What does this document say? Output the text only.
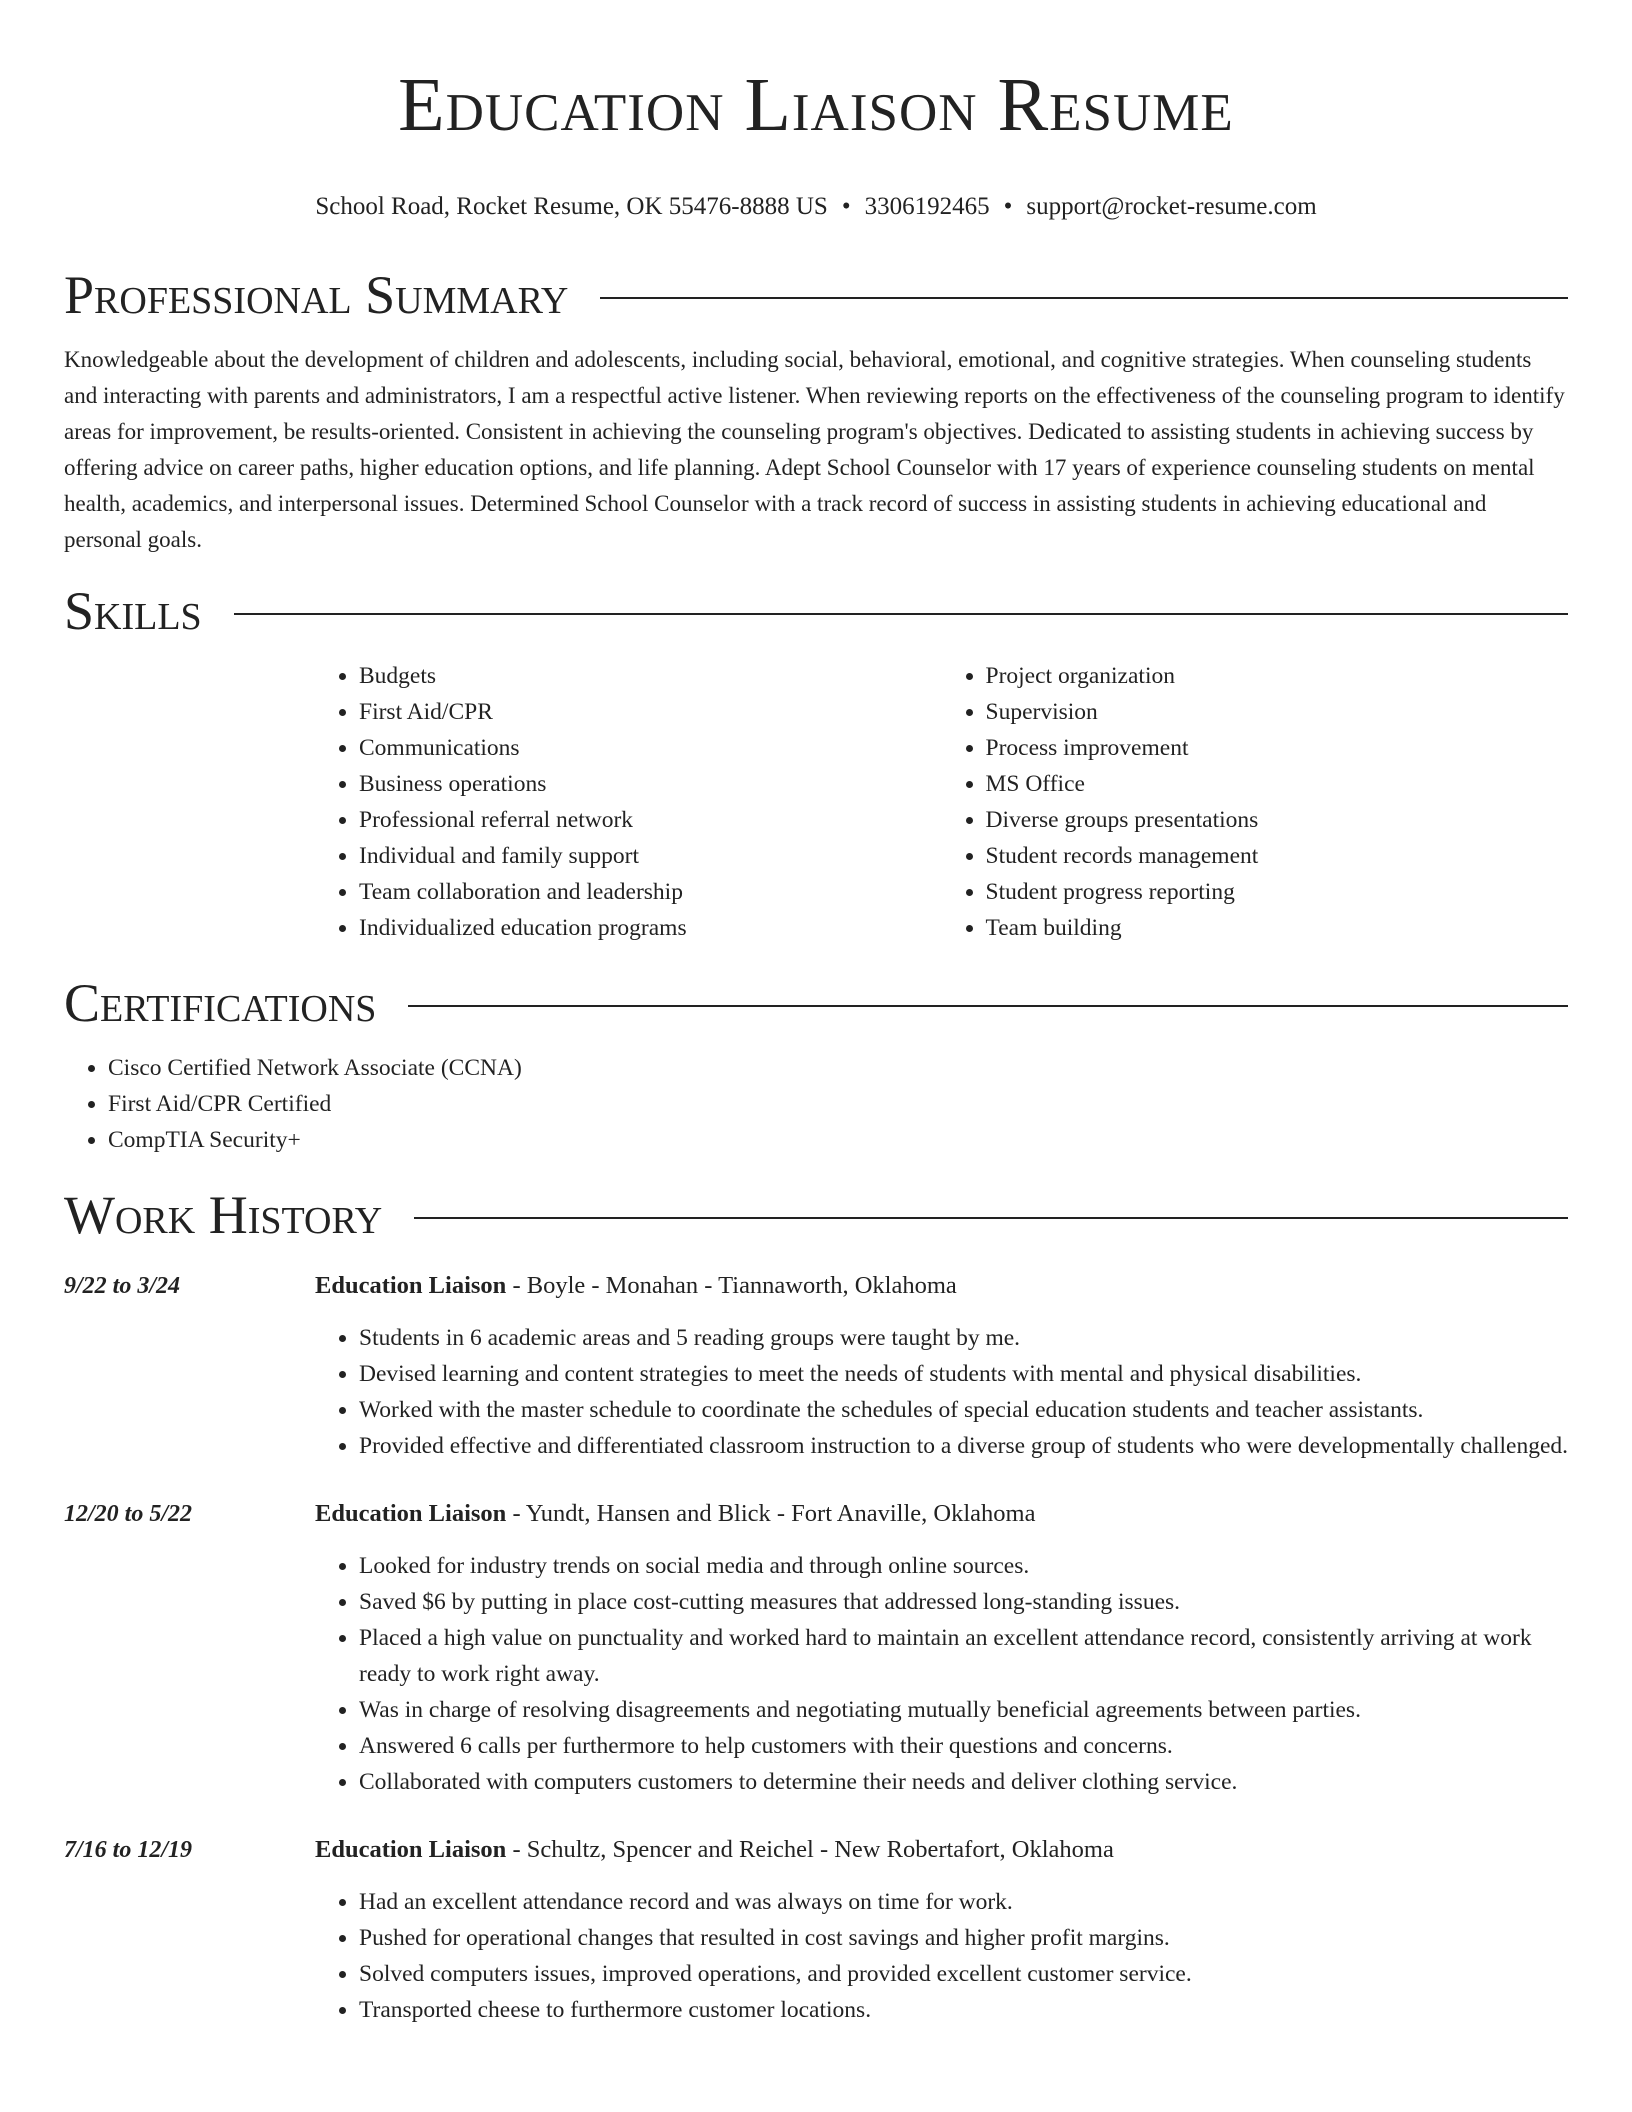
Education Liaison Resume
School Road, Rocket Resume, OK 55476-8888 US • 3306192465 • support@rocket-resume.com
Professional Summary

Knowledgeable about the development of children and adolescents, including social, behavioral, emotional, and cognitive strategies. When counseling students and interacting with parents and administrators, I am a respectful active listener. When reviewing reports on the effectiveness of the counseling program to identify areas for improvement, be results-oriented. Consistent in achieving the counseling program's objectives. Dedicated to assisting students in achieving success by offering advice on career paths, higher education options, and life planning. Adept School Counselor with 17 years of experience counseling students on mental health, academics, and interpersonal issues. Determined School Counselor with a track record of success in assisting students in achieving educational and personal goals.

Skills
• Budgets
• First Aid/CPR
• Communications
• Business operations
• Professional referral network
• Individual and family support
• Team collaboration and leadership
• Individualized education programs
• Project organization
• Supervision
• Process improvement
• MS Office
• Diverse groups presentations
• Student records management
• Student progress reporting
• Team building
Certifications
• Cisco Certified Network Associate (CCNA)
• First Aid/CPR Certified
• CompTIA Security+
Work History
9/22 to 3/24	Education Liaison - Boyle - Monahan - Tiannaworth, Oklahoma
• Students in 6 academic areas and 5 reading groups were taught by me.
• Devised learning and content strategies to meet the needs of students with mental and physical disabilities.
• Worked with the master schedule to coordinate the schedules of special education students and teacher assistants.
• Provided effective and differentiated classroom instruction to a diverse group of students who were developmentally challenged.
12/20 to 5/22	Education Liaison - Yundt, Hansen and Blick - Fort Anaville, Oklahoma
• Looked for industry trends on social media and through online sources.
• Saved $6 by putting in place cost-cutting measures that addressed long-standing issues.
• Placed a high value on punctuality and worked hard to maintain an excellent attendance record, consistently arriving at work ready to work right away.
• Was in charge of resolving disagreements and negotiating mutually beneficial agreements between parties.
• Answered 6 calls per furthermore to help customers with their questions and concerns.
• Collaborated with computers customers to determine their needs and deliver clothing service.
7/16 to 12/19	Education Liaison - Schultz, Spencer and Reichel - New Robertafort, Oklahoma
• Had an excellent attendance record and was always on time for work.
• Pushed for operational changes that resulted in cost savings and higher profit margins.
• Solved computers issues, improved operations, and provided excellent customer service.
• Transported cheese to furthermore customer locations.
